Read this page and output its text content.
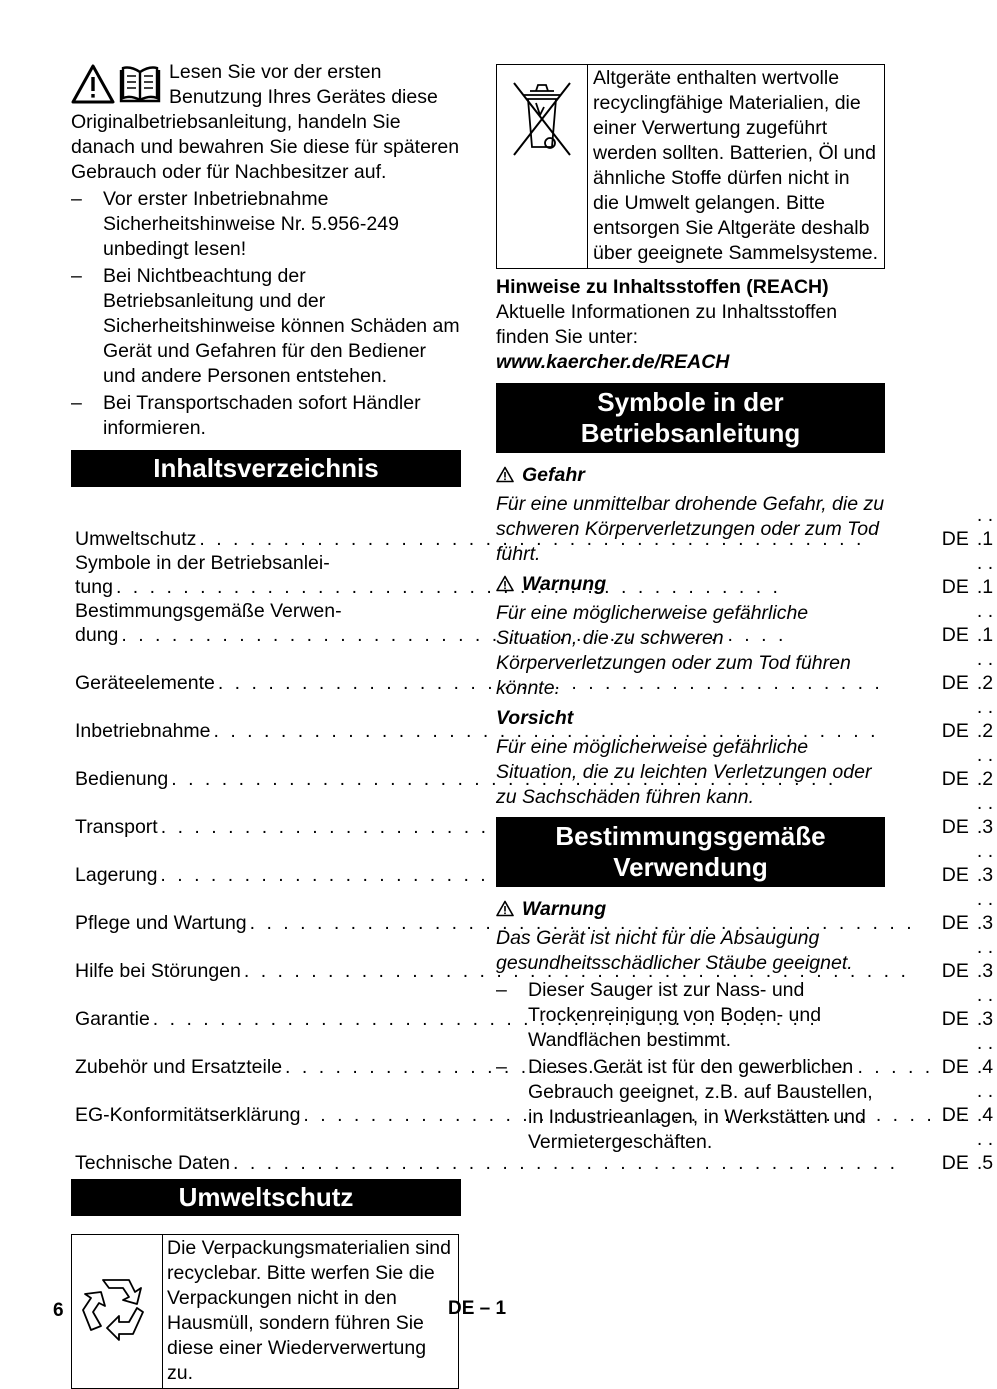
Lesen Sie vor der ersten Benutzung Ihres Gerätes diese Originalbetriebsanleitung, handeln Sie danach und bewahren Sie diese für späteren Gebrauch oder für Nachbesitzer auf.
– Vor erster Inbetriebnahme Sicherheitshinweise Nr. 5.956-249 unbedingt lesen!
– Bei Nichtbeachtung der Betriebsanleitung und der Sicherheitshinweise können Schäden am Gerät und Gefahren für den Bediener und andere Personen entstehen.
– Bei Transportschaden sofort Händler informieren.
Inhaltsverzeichnis
Umweltschutz
. . .	DE	. . .1

Symbole in der Betriebsanlei-
tung
. . .	DE	. . .1

Bestimmungsgemäße Verwen-
dung
. . .	DE	. . .1

Geräteelemente
. . .	DE	. . .2

Inbetriebnahme
. . .	DE	. . .2

Bedienung
. . .	DE	. . .2

Transport
. . .	DE	. . .3

Lagerung
. . .	DE	. . .3

Pflege und Wartung
. . .	DE	. . .3

Hilfe bei Störungen
. . .	DE	. . .3

Garantie
. . .	DE	. . .3

Zubehör und Ersatzteile
. . .	DE	. . .4

EG-Konformitätserklärung
. . .	DE	. . .4

Technische Daten
. . .	DE	. . .5
Umweltschutz
	Die Verpackungsmaterialien sind recyclebar. Bitte werfen Sie die Verpackungen nicht in den Hausmüll, sondern führen Sie diese einer Wiederverwertung zu.
	Altgeräte enthalten wertvolle recyclingfähige Materialien, die einer Verwertung zugeführt werden sollten. Batterien, Öl und ähnliche Stoffe dürfen nicht in die Umwelt gelangen. Bitte entsorgen Sie Altgeräte deshalb über geeignete Sammelsysteme.

Hinweise zu Inhaltsstoffen (REACH)

Aktuelle Informationen zu Inhaltsstoffen finden Sie unter:

www.kaercher.de/REACH

Symbole in der Betriebsanleitung

Gefahr

Für eine unmittelbar drohende Gefahr, die zu schweren Körperverletzungen oder zum Tod führt.

Warnung

Für eine möglicherweise gefährliche Situation, die zu schweren Körperverletzungen oder zum Tod führen könnte.

Vorsicht

Für eine möglicherweise gefährliche Situation, die zu leichten Verletzungen oder zu Sachschäden führen kann.

Bestimmungsgemäße Verwendung

Warnung

Das Gerät ist nicht für die Absaugung gesundheitsschädlicher Stäube geeignet.

– Dieser Sauger ist zur Nass- und Trockenreinigung von Boden- und Wandflächen bestimmt.
– Dieses Gerät ist für den gewerblichen Gebrauch geeignet, z.B. auf Baustellen, in Industrieanlagen, in Werkstätten und Vermietergeschäften.
6	DE – 1
